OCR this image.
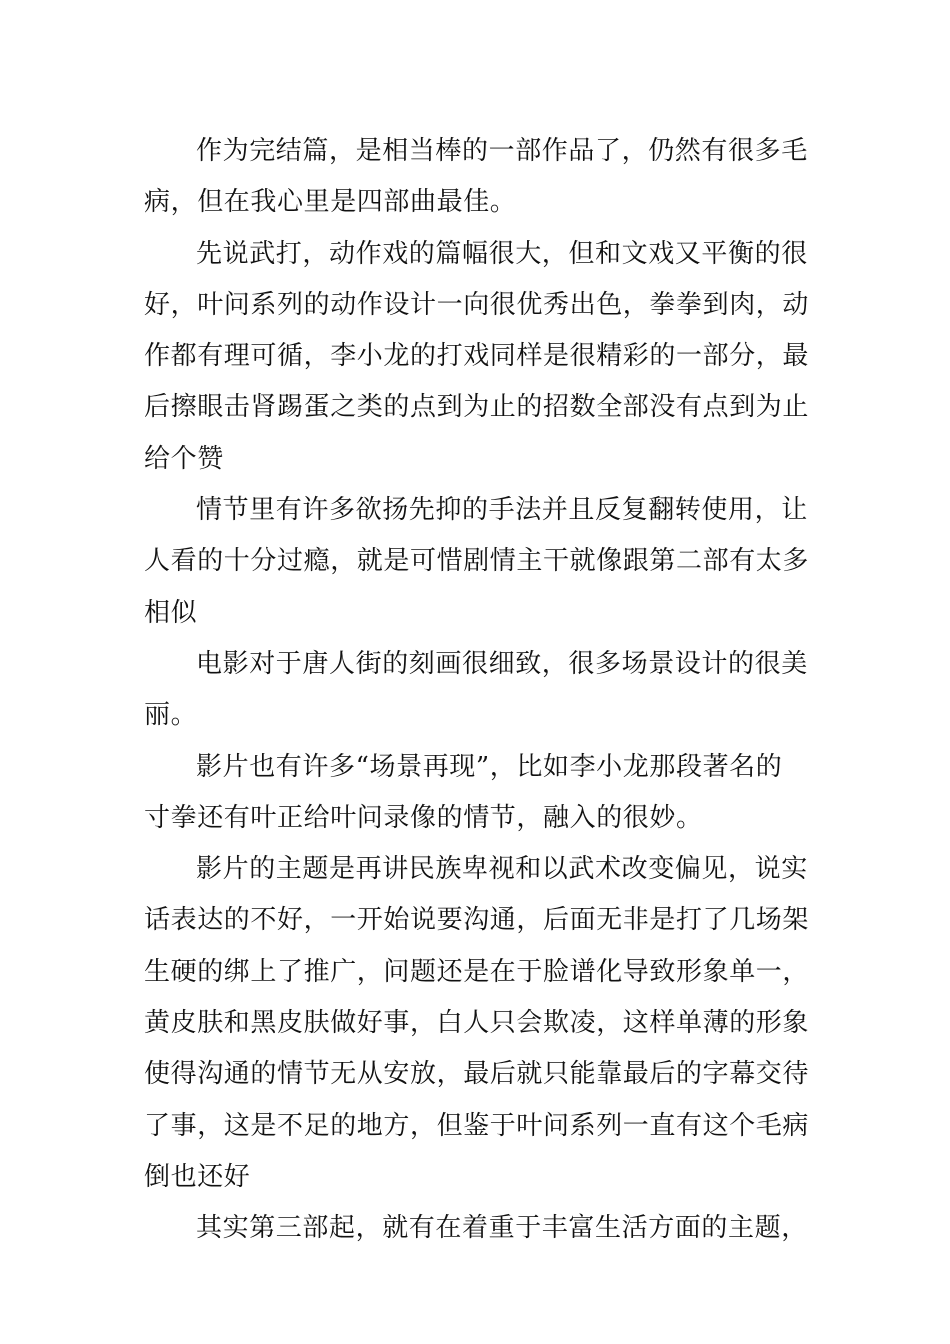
作为完结篇，是相当棒的一部作品了，仍然有很多毛
病，但在我心里是四部曲最佳。

先说武打，动作戏的篇幅很大，但和文戏又平衡的很
好，叶问系列的动作设计一向很优秀出色，拳拳到肉，动
作都有理可循，李小龙的打戏同样是很精彩的一部分，最
后擦眼击肾踢蛋之类的点到为止的招数全部没有点到为止
给个赞

情节里有许多欲扬先抑的手法并且反复翻转使用，让
人看的十分过瘾，就是可惜剧情主干就像跟第二部有太多
相似

电影对于唐人街的刻画很细致，很多场景设计的很美
丽。

影片也有许多“场景再现”，比如李小龙那段著名的
寸拳还有叶正给叶问录像的情节，融入的很妙。

影片的主题是再讲民族卑视和以武术改变偏见，说实
话表达的不好，一开始说要沟通，后面无非是打了几场架
生硬的绑上了推广，问题还是在于脸谱化导致形象单一，
黄皮肤和黑皮肤做好事，白人只会欺凌，这样单薄的形象
使得沟通的情节无从安放，最后就只能靠最后的字幕交待
了事，这是不足的地方，但鉴于叶问系列一直有这个毛病
倒也还好

其实第三部起，就有在着重于丰富生活方面的主题，
